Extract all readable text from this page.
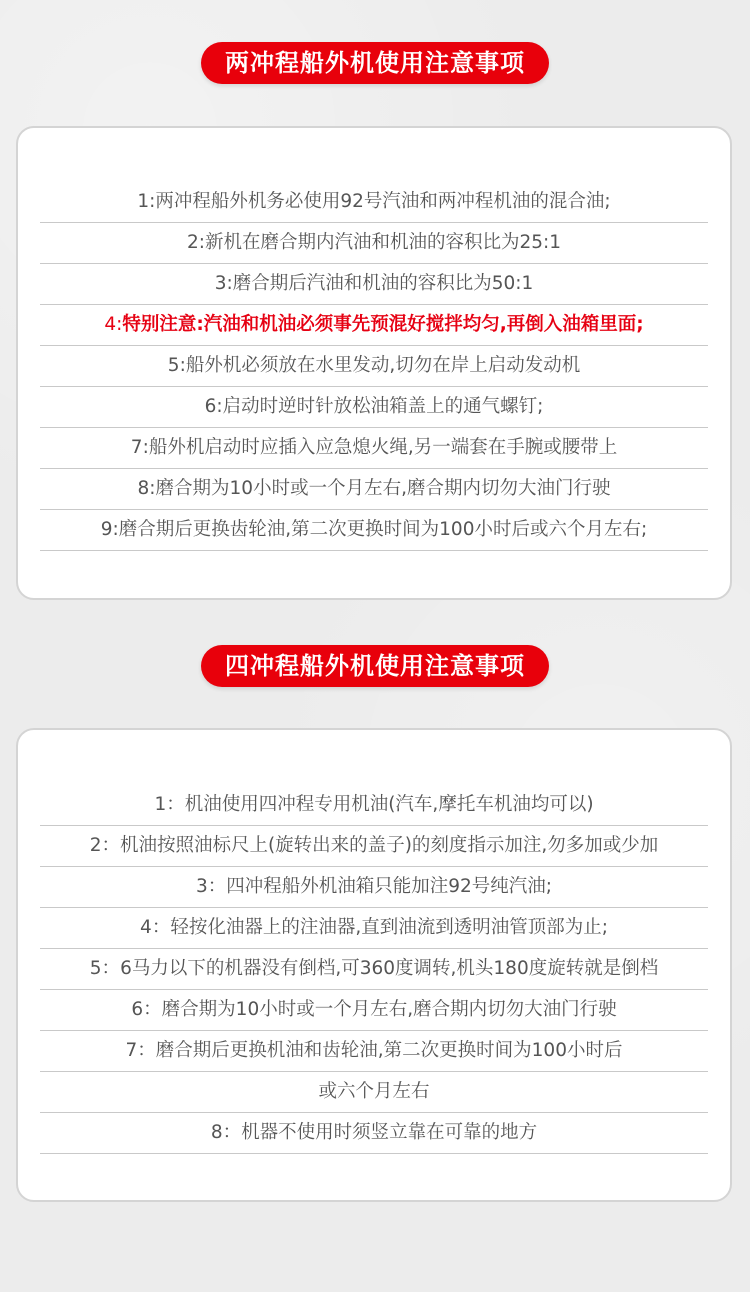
两冲程船外机使用注意事项
1:两冲程船外机务必使用92号汽油和两冲程机油的混合油;
2:新机在磨合期内汽油和机油的容积比为25:1
3:磨合期后汽油和机油的容积比为50:1
4:特别注意:汽油和机油必须事先预混好搅拌均匀,再倒入油箱里面;
5:船外机必须放在水里发动,切勿在岸上启动发动机
6:启动时逆时针放松油箱盖上的通气螺钉;
7:船外机启动时应插入应急熄火绳,另一端套在手腕或腰带上
8:磨合期为10小时或一个月左右,磨合期内切勿大油门行驶
9:磨合期后更换齿轮油,第二次更换时间为100小时后或六个月左右;
四冲程船外机使用注意事项
1：机油使用四冲程专用机油(汽车,摩托车机油均可以)
2：机油按照油标尺上(旋转出来的盖子)的刻度指示加注,勿多加或少加
3：四冲程船外机油箱只能加注92号纯汽油;
4：轻按化油器上的注油器,直到油流到透明油管顶部为止;
5：6马力以下的机器没有倒档,可360度调转,机头180度旋转就是倒档
6：磨合期为10小时或一个月左右,磨合期内切勿大油门行驶
7：磨合期后更换机油和齿轮油,第二次更换时间为100小时后
或六个月左右
8：机器不使用时须竖立靠在可靠的地方
